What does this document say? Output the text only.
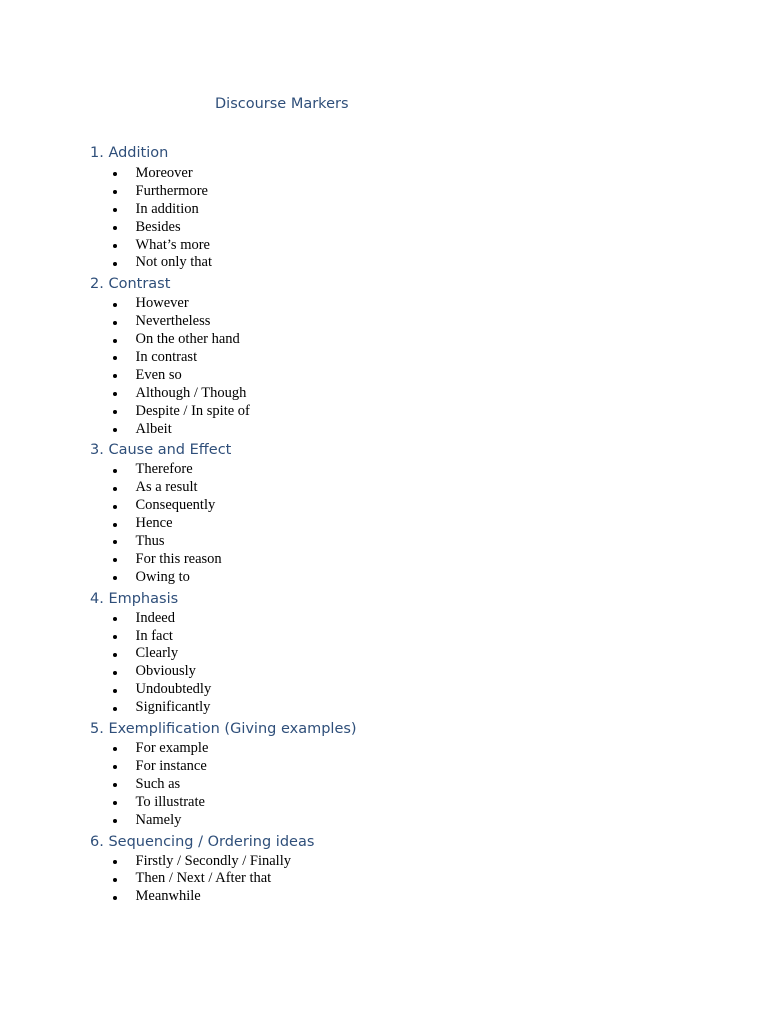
Discourse Markers
1. Addition
Moreover
Furthermore
In addition
Besides
What’s more
Not only that
2. Contrast
However
Nevertheless
On the other hand
In contrast
Even so
Although / Though
Despite / In spite of
Albeit
3. Cause and Effect
Therefore
As a result
Consequently
Hence
Thus
For this reason
Owing to
4. Emphasis
Indeed
In fact
Clearly
Obviously
Undoubtedly
Significantly
5. Exemplification (Giving examples)
For example
For instance
Such as
To illustrate
Namely
6. Sequencing / Ordering ideas
Firstly / Secondly / Finally
Then / Next / After that
Meanwhile
